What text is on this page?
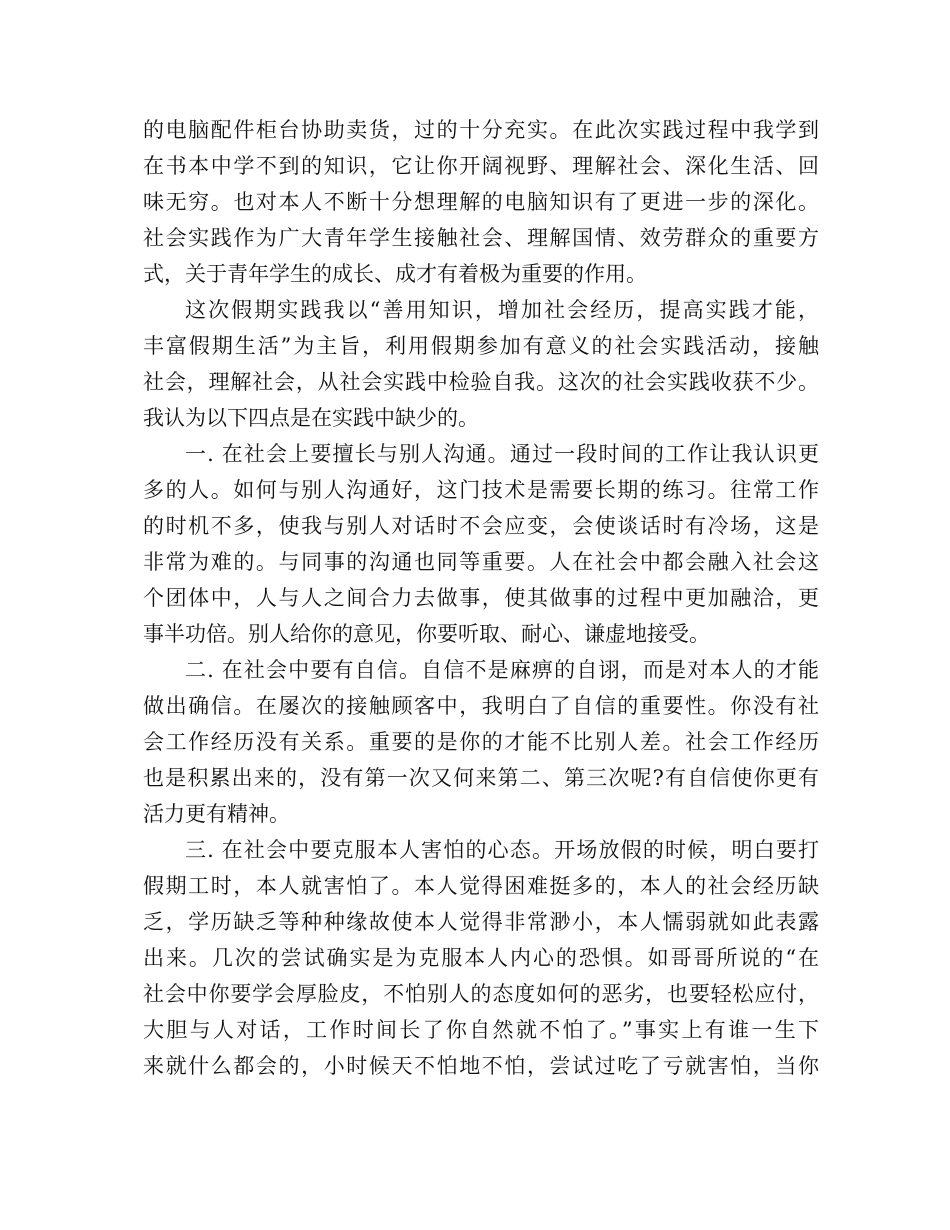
的电脑配件柜台协助卖货，过的十分充实。在此次实践过程中我学到
在书本中学不到的知识，它让你开阔视野、理解社会、深化生活、回
味无穷。也对本人不断十分想理解的电脑知识有了更进一步的深化。
社会实践作为广大青年学生接触社会、理解国情、效劳群众的重要方
式，关于青年学生的成长、成才有着极为重要的作用。
这次假期实践我以“善用知识，增加社会经历，提高实践才能，
丰富假期生活”为主旨，利用假期参加有意义的社会实践活动，接触
社会，理解社会，从社会实践中检验自我。这次的社会实践收获不少。
我认为以下四点是在实践中缺少的。
一. 在社会上要擅长与别人沟通。通过一段时间的工作让我认识更
多的人。如何与别人沟通好，这门技术是需要长期的练习。往常工作
的时机不多，使我与别人对话时不会应变，会使谈话时有冷场，这是
非常为难的。与同事的沟通也同等重要。人在社会中都会融入社会这
个团体中，人与人之间合力去做事，使其做事的过程中更加融洽，更
事半功倍。别人给你的意见，你要听取、耐心、谦虚地接受。
二. 在社会中要有自信。自信不是麻痹的自诩，而是对本人的才能
做出确信。在屡次的接触顾客中，我明白了自信的重要性。你没有社
会工作经历没有关系。重要的是你的才能不比别人差。社会工作经历
也是积累出来的，没有第一次又何来第二、第三次呢?有自信使你更有
活力更有精神。
三. 在社会中要克服本人害怕的心态。开场放假的时候，明白要打
假期工时，本人就害怕了。本人觉得困难挺多的，本人的社会经历缺
乏，学历缺乏等种种缘故使本人觉得非常渺小，本人懦弱就如此表露
出来。几次的尝试确实是为克服本人内心的恐惧。如哥哥所说的“在
社会中你要学会厚脸皮，不怕别人的态度如何的恶劣，也要轻松应付，
大胆与人对话，工作时间长了你自然就不怕了。”事实上有谁一生下
来就什么都会的，小时候天不怕地不怕，尝试过吃了亏就害怕，当你
